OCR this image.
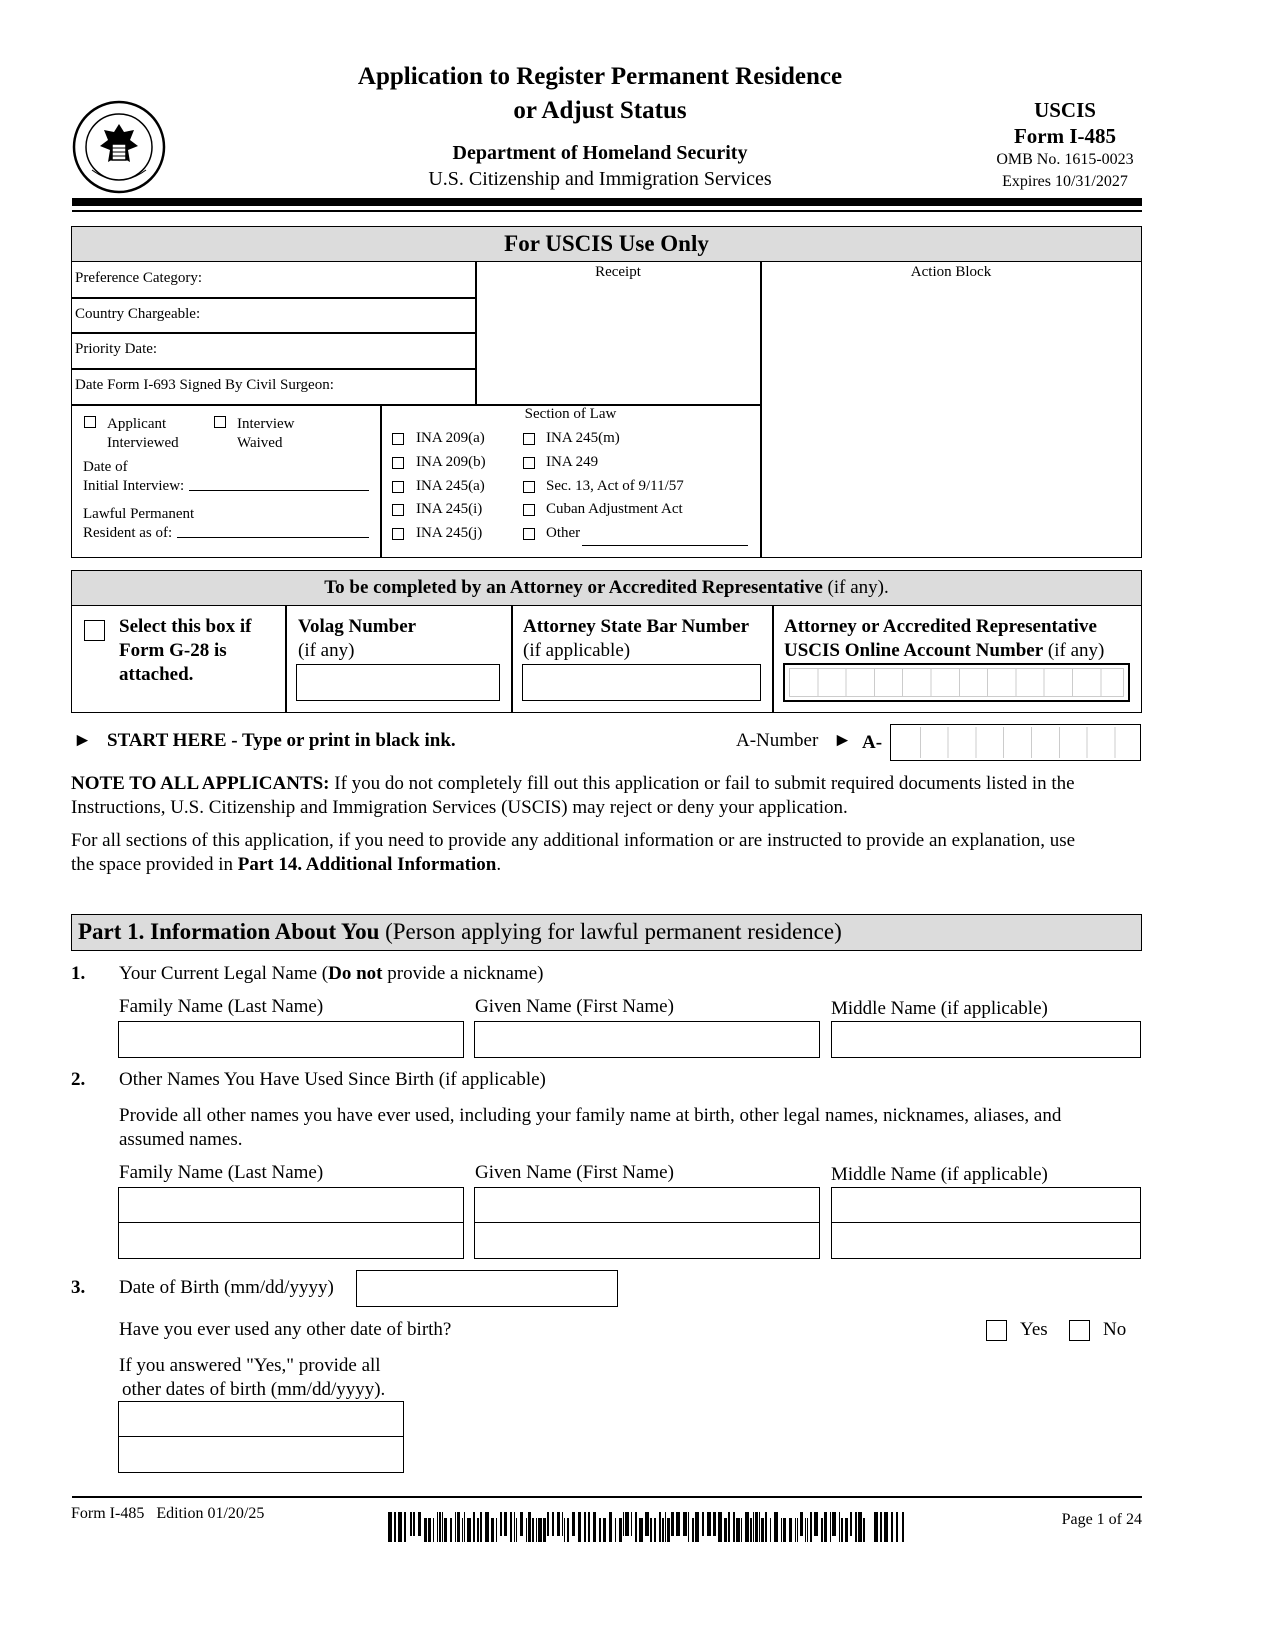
Application to Register Permanent Residence
or Adjust Status
Department of Homeland Security
U.S. Citizenship and Immigration Services
USCIS
Form I-485
OMB No. 1615-0023
Expires 10/31/2027
For USCIS Use Only
Preference Category:
Country Chargeable:
Priority Date:
Date Form I-693 Signed By Civil Surgeon:
Receipt	Action Block
Applicant
Interviewed
Interview
Waived
Date of
Initial Interview:
Lawful Permanent
Resident as of:
Section of Law
INA 209(a)
INA 209(b)
INA 245(a)
INA 245(i)
INA 245(j)
INA 245(m)
INA 249
Sec. 13, Act of 9/11/57
Cuban Adjustment Act
Other
To be completed by an Attorney or Accredited Representative (if any).
Select this box if
Form G-28 is
attached.
Volag Number
(if any)
Attorney State Bar Number
(if applicable)
Attorney or Accredited Representative
USCIS Online Account Number (if any)
► START HERE - Type or print in black ink.	A-Number ► A-
NOTE TO ALL APPLICANTS: If you do not completely fill out this application or fail to submit required documents listed in the
Instructions, U.S. Citizenship and Immigration Services (USCIS) may reject or deny your application.
For all sections of this application, if you need to provide any additional information or are instructed to provide an explanation, use
the space provided in Part 14. Additional Information.
Part 1. Information About You (Person applying for lawful permanent residence)
1. Your Current Legal Name (Do not provide a nickname)
Family Name (Last Name)	Given Name (First Name)	Middle Name (if applicable)
2. Other Names You Have Used Since Birth (if applicable)
Provide all other names you have ever used, including your family name at birth, other legal names, nicknames, aliases, and
assumed names.
Family Name (Last Name)	Given Name (First Name)	Middle Name (if applicable)
3. Date of Birth (mm/dd/yyyy)
Have you ever used any other date of birth?	Yes	No
If you answered "Yes," provide all
other dates of birth (mm/dd/yyyy).
Form I-485 Edition 01/20/25	Page 1 of 24
